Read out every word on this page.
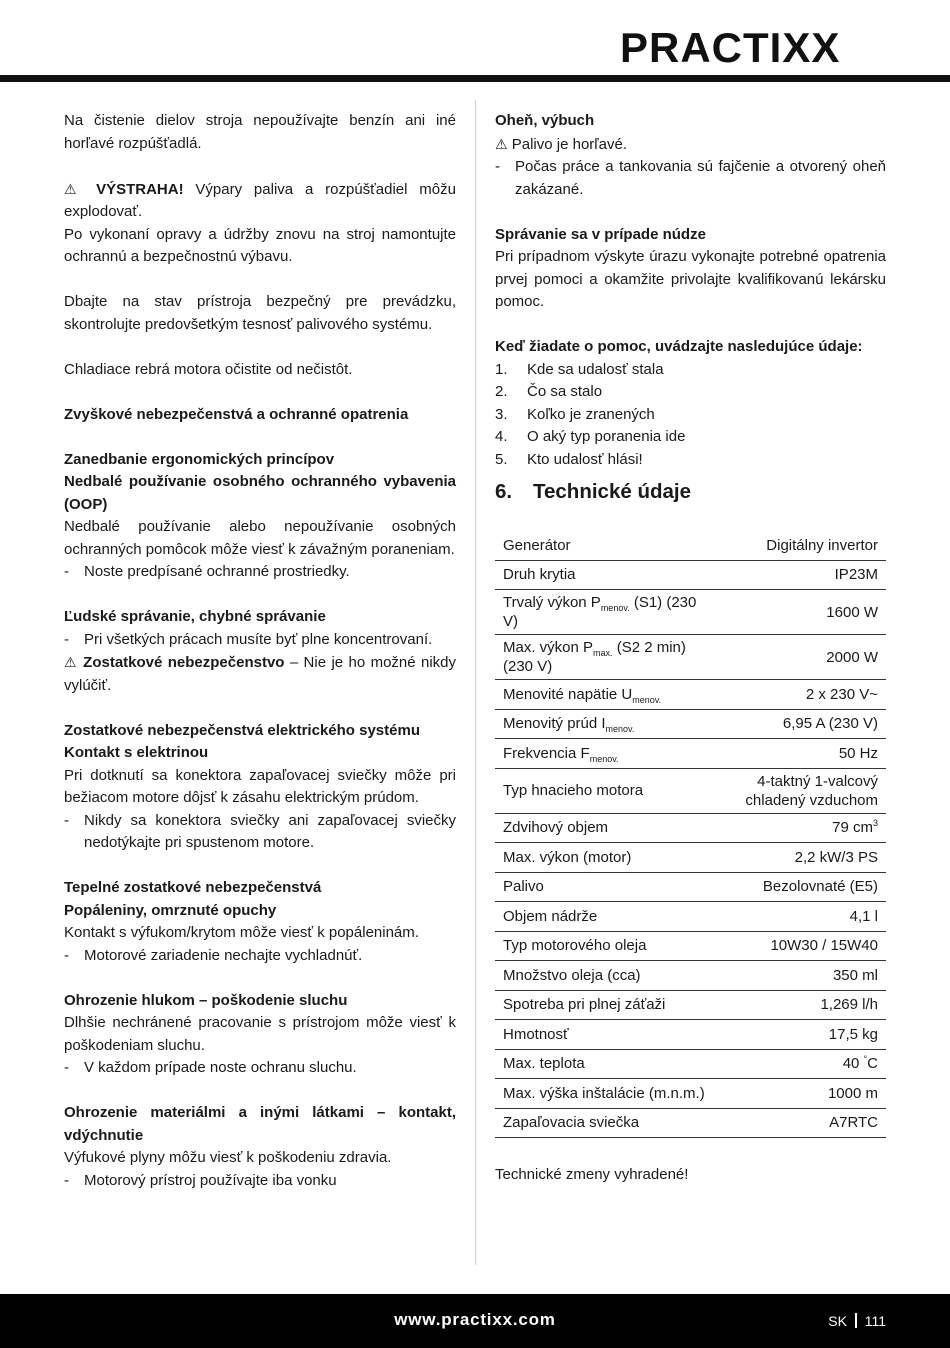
PRACTIXX

Na čistenie dielov stroja nepoužívajte benzín ani iné horľavé rozpúšťadlá.

⚠ VÝSTRAHA! Výpary paliva a rozpúšťadiel môžu explodovať.

Po vykonaní opravy a údržby znovu na stroj namontujte ochrannú a bezpečnostnú výbavu.

Dbajte na stav prístroja bezpečný pre prevádzku, skontrolujte predovšetkým tesnosť palivového systému.

Chladiace rebrá motora očistite od nečistôt.

Zvyškové nebezpečenstvá a ochranné opatrenia

Zanedbanie ergonomických princípov

Nedbalé používanie osobného ochranného vybavenia (OOP)

Nedbalé používanie alebo nepoužívanie osobných ochranných pomôcok môže viesť k závažným poraneniam.

-	Noste predpísané ochranné prostriedky.

Ľudské správanie, chybné správanie

-	Pri všetkých prácach musíte byť plne koncentrovaní.

⚠ Zostatkové nebezpečenstvo – Nie je ho možné nikdy vylúčiť.

Zostatkové nebezpečenstvá elektrického systému

Kontakt s elektrinou

Pri dotknutí sa konektora zapaľovacej sviečky môže pri bežiacom motore dôjsť k zásahu elektrickým prúdom.

-	Nikdy sa konektora sviečky ani zapaľovacej sviečky nedotýkajte pri spustenom motore.

Tepelné zostatkové nebezpečenstvá

Popáleniny, omrznuté opuchy

Kontakt s výfukom/krytom môže viesť k popáleninám.

-	Motorové zariadenie nechajte vychladnúť.

Ohrozenie hlukom – poškodenie sluchu

Dlhšie nechránené pracovanie s prístrojom môže viesť k poškodeniam sluchu.

-	V každom prípade noste ochranu sluchu.

Ohrozenie materiálmi a inými látkami – kontakt, vdýchnutie

Výfukové plyny môžu viesť k poškodeniu zdravia.

-	Motorový prístroj používajte iba vonku

Oheň, výbuch

⚠ Palivo je horľavé.

-	Počas práce a tankovania sú fajčenie a otvorený oheň zakázané.

Správanie sa v prípade núdze

Pri prípadnom výskyte úrazu vykonajte potrebné opatrenia prvej pomoci a okamžite privolajte kvalifikovanú lekársku pomoc.

Keď žiadate o pomoc, uvádzajte nasledujúce údaje:

1.	Kde sa udalosť stala
2.	Čo sa stalo
3.	Koľko je zranených
4.	O aký typ poranenia ide
5.	Kto udalosť hlási!
6.	Technické údaje
Generátor	Digitálny invertor
Druh krytia	IP23M
Trvalý výkon $P_{menov.}$ (S1) (230 V)	1600 W
Max. výkon $P_{max.}$ (S2 2 min) (230 V)	2000 W
Menovité napätie $U_{menov.}$	2 x 230 V~
Menovitý prúd $I_{menov.}$	6,95 A (230 V)
Frekvencia $F_{menov.}$	50 Hz
Typ hnacieho motora	4-taktný 1-valcový chladený vzduchom
Zdvihový objem	79 $cm^3$
Max. výkon (motor)	2,2 kW/3 PS
Palivo	Bezolovnaté (E5)
Objem nádrže	4,1 l
Typ motorového oleja	10W30 / 15W40
Množstvo oleja (cca)	350 ml
Spotreba pri plnej záťaži	1,269 l/h
Hmotnosť	17,5 kg
Max. teplota	40 °C
Max. výška inštalácie (m.n.m.)	1000 m
Zapaľovacia sviečka	A7RTC

Technické zmeny vyhradené!

www.practixx.com	SK 111
